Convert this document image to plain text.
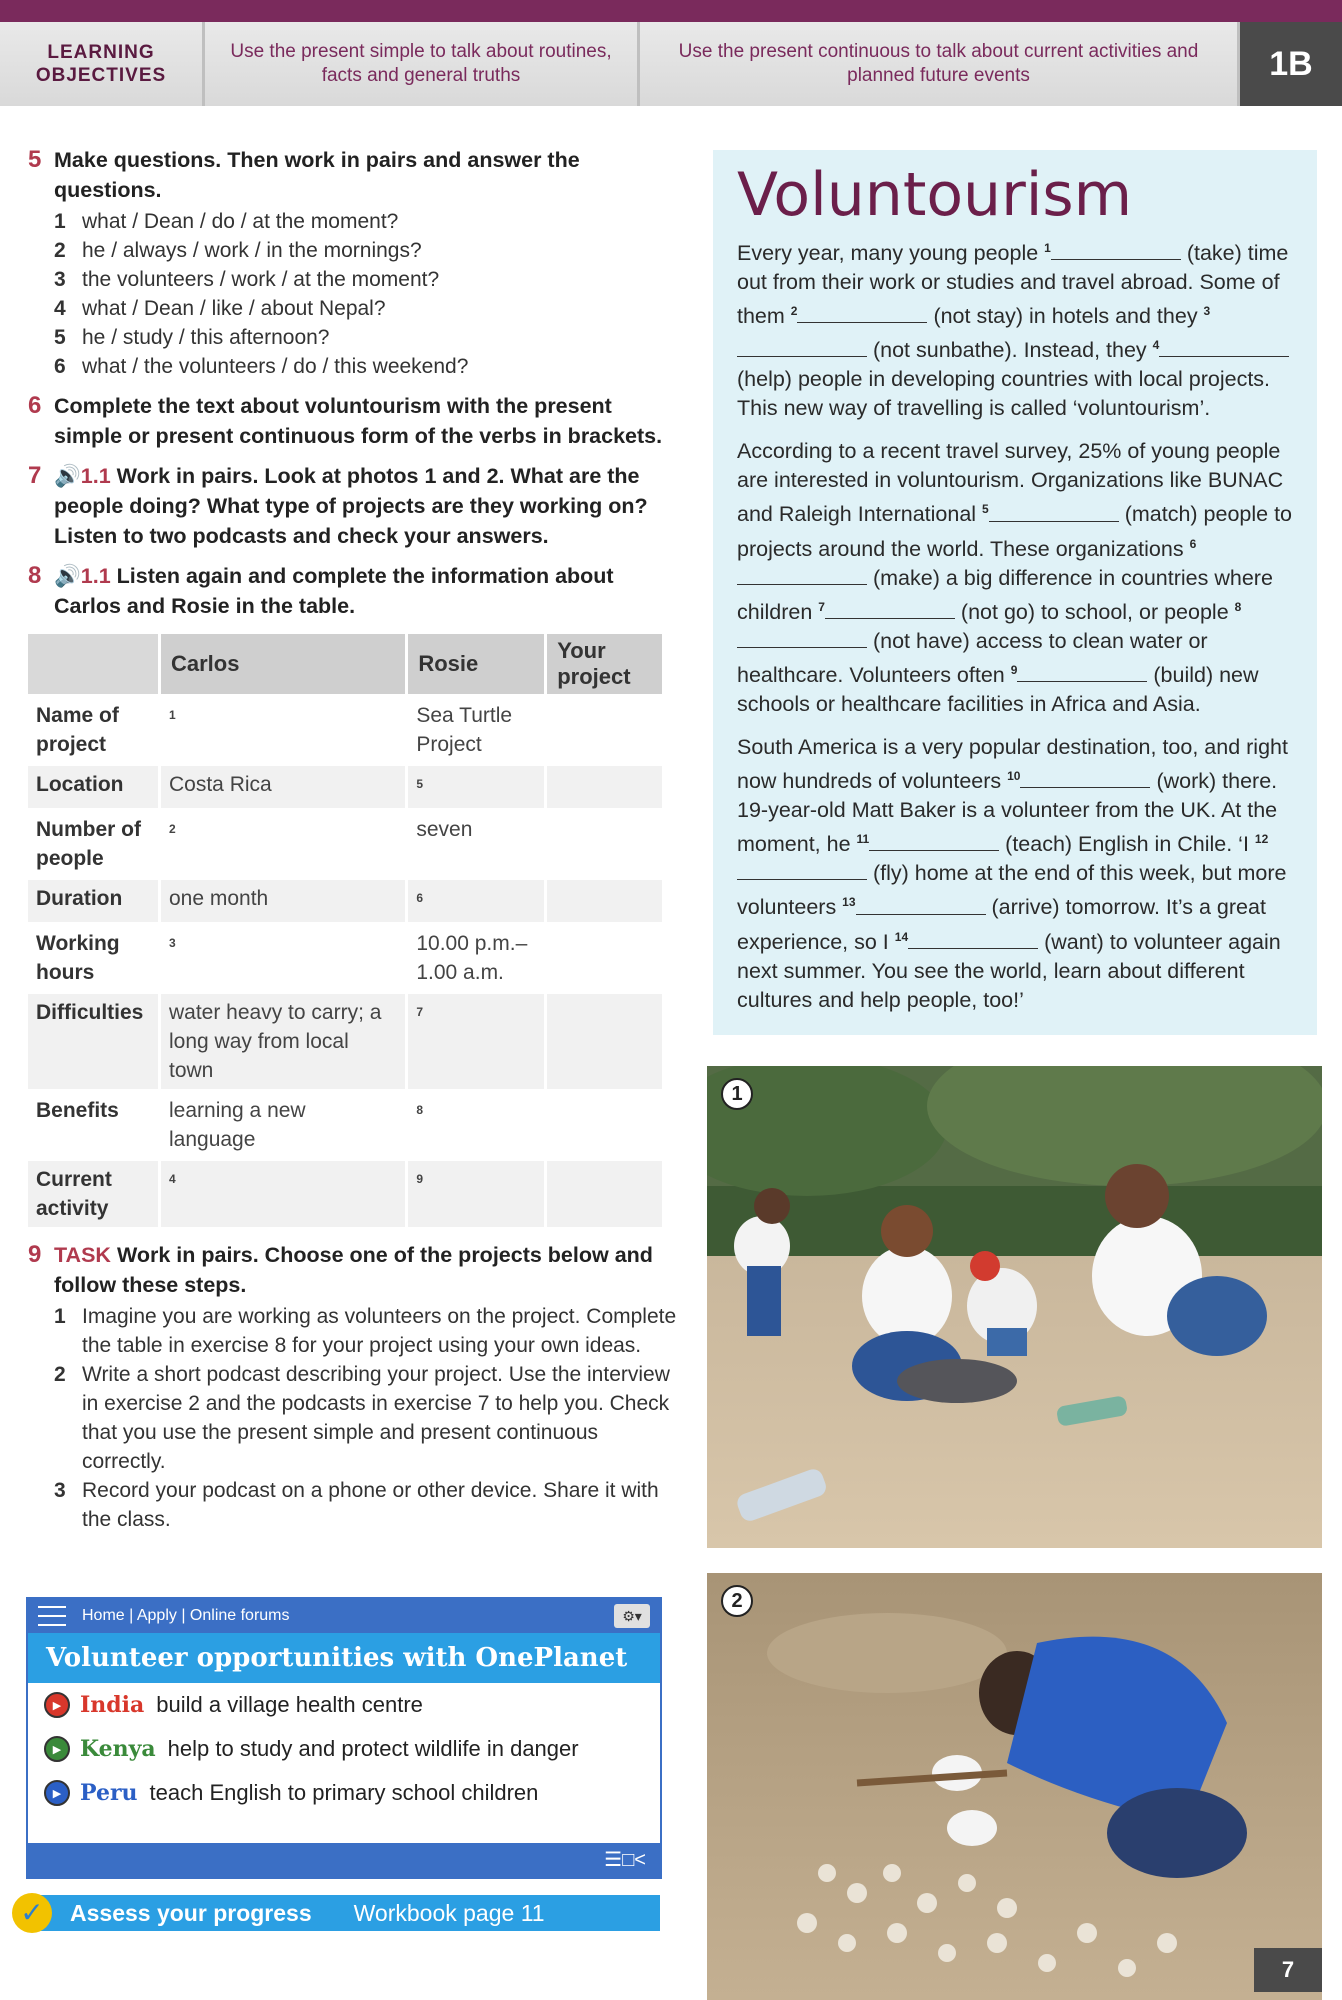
LEARNING OBJECTIVES
Use the present simple to talk about routines, facts and general truths
Use the present continuous to talk about current activities and planned future events	1B
5 Make questions. Then work in pairs and answer the questions.
1 what / Dean / do / at the moment?
2 he / always / work / in the mornings?
3 the volunteers / work / at the moment?
4 what / Dean / like / about Nepal?
5 he / study / this afternoon?
6 what / the volunteers / do / this weekend?
6 Complete the text about voluntourism with the present simple or present continuous form of the verbs in brackets.
7 🔊1.1 Work in pairs. Look at photos 1 and 2. What are the people doing? What type of projects are they working on? Listen to two podcasts and check your answers.
8 🔊1.1 Listen again and complete the information about Carlos and Rosie in the table.
	Carlos	Rosie	Your project
Name of project	$^1$	Sea Turtle Project	
Location	Costa Rica	$^5$	
Number of people	$^2$	seven	
Duration	one month	$^6$	
Working hours	$^3$	10.00 p.m.– 1.00 a.m.	
Difficulties	water heavy to carry; a long way from local town	$^7$	
Benefits	learning a new language	$^8$	
Current activity	$^4$	$^9$	
9 TASK Work in pairs. Choose one of the projects below and follow these steps.
1 Imagine you are working as volunteers on the project. Complete the table in exercise 8 for your project using your own ideas.
2 Write a short podcast describing your project. Use the interview in exercise 2 and the podcasts in exercise 7 to help you. Check that you use the present simple and present continuous correctly.
3 Record your podcast on a phone or other device. Share it with the class.
Home | Apply | Online forums	⚙▾
Volunteer opportunities with OnePlanet
▶ India build a village health centre
▶ Kenya help to study and protect wildlife in danger
▶ Peru teach English to primary school children
☰□<
✓	Assess your progress Workbook page 11
Voluntourism

Every year, many young people $^1$	(take) time out from their work or studies and travel abroad. Some of them $^2$	(not stay) in hotels and they $^3$ (not sunbathe). Instead, they $^4$ (help) people in developing countries with local projects. This new way of travelling is called ‘voluntourism’.

According to a recent travel survey, 25% of young people are interested in voluntourism. Organizations like BUNAC and Raleigh International $^5$	(match) people to projects around the world. These organizations $^6$ (make) a big difference in countries where children $^7$	(not go) to school, or people $^8$ (not have) access to clean water or healthcare. Volunteers often $^9$	(build) new schools or healthcare facilities in Africa and Asia.

South America is a very popular destination, too, and right now hundreds of volunteers $^{10}$	(work) there. 19-year-old Matt Baker is a volunteer from the UK. At the moment, he $^{11}$	(teach) English in Chile. ‘I $^{12}$ (fly) home at the end of this week, but more volunteers $^{13}$	(arrive) tomorrow. It’s a great experience, so I $^{14}$	(want) to volunteer again next summer. You see the world, learn about different cultures and help people, too!’

1
2
7
